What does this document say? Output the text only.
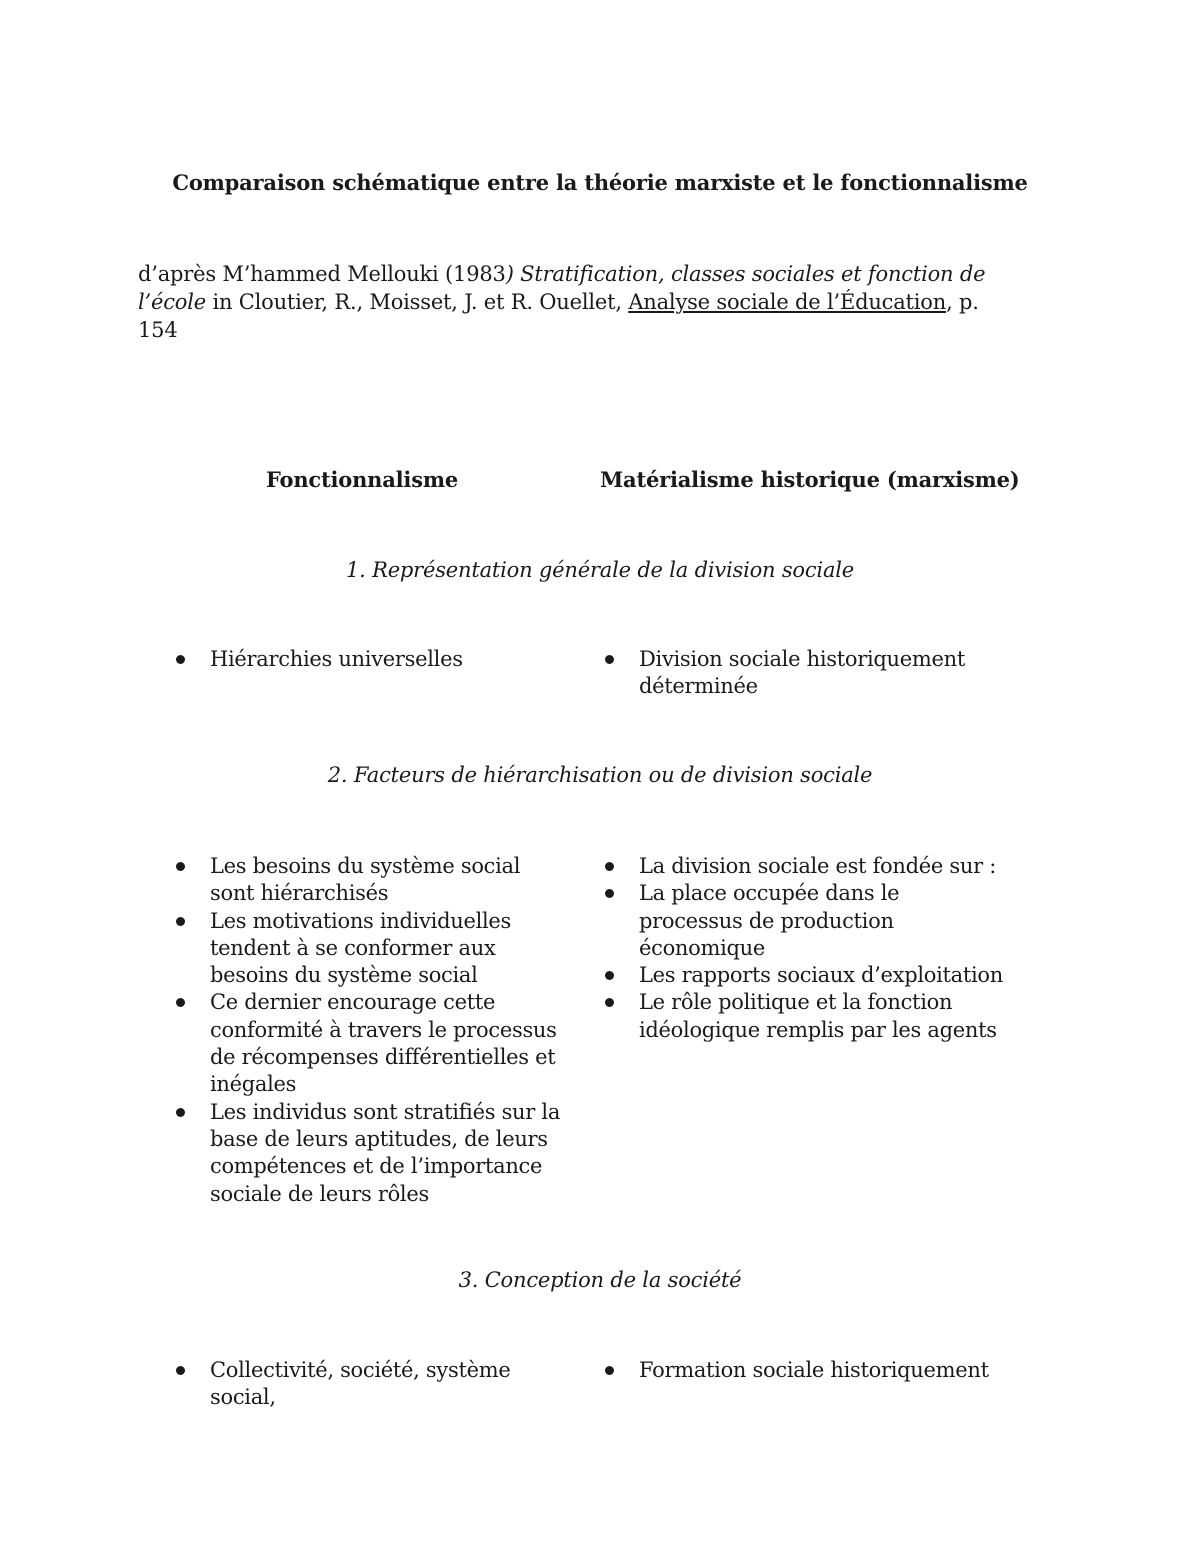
Comparaison schématique entre la théorie marxiste et le fonctionnalisme
d’après M’hammed Mellouki (1983) Stratification, classes sociales et fonction de l’école in Cloutier, R., Moisset, J. et R. Ouellet, Analyse sociale de l’Éducation, p. 154
Fonctionnalisme	Matérialisme historique (marxisme)
1. Représentation générale de la division sociale
Hiérarchies universelles	Division sociale historiquement déterminée
2. Facteurs de hiérarchisation ou de division sociale
Les besoins du système social sont hiérarchisés
Les motivations individuelles tendent à se conformer aux besoins du système social
Ce dernier encourage cette conformité à travers le processus de récompenses différentielles et inégales
Les individus sont stratifiés sur la base de leurs aptitudes, de leurs compétences et de l’importance sociale de leurs rôles
La division sociale est fondée sur :
La place occupée dans le processus de production économique
Les rapports sociaux d’exploitation
Le rôle politique et la fonction idéologique remplis par les agents
3. Conception de la société
Collectivité, société, système social,
Formation sociale historiquement
